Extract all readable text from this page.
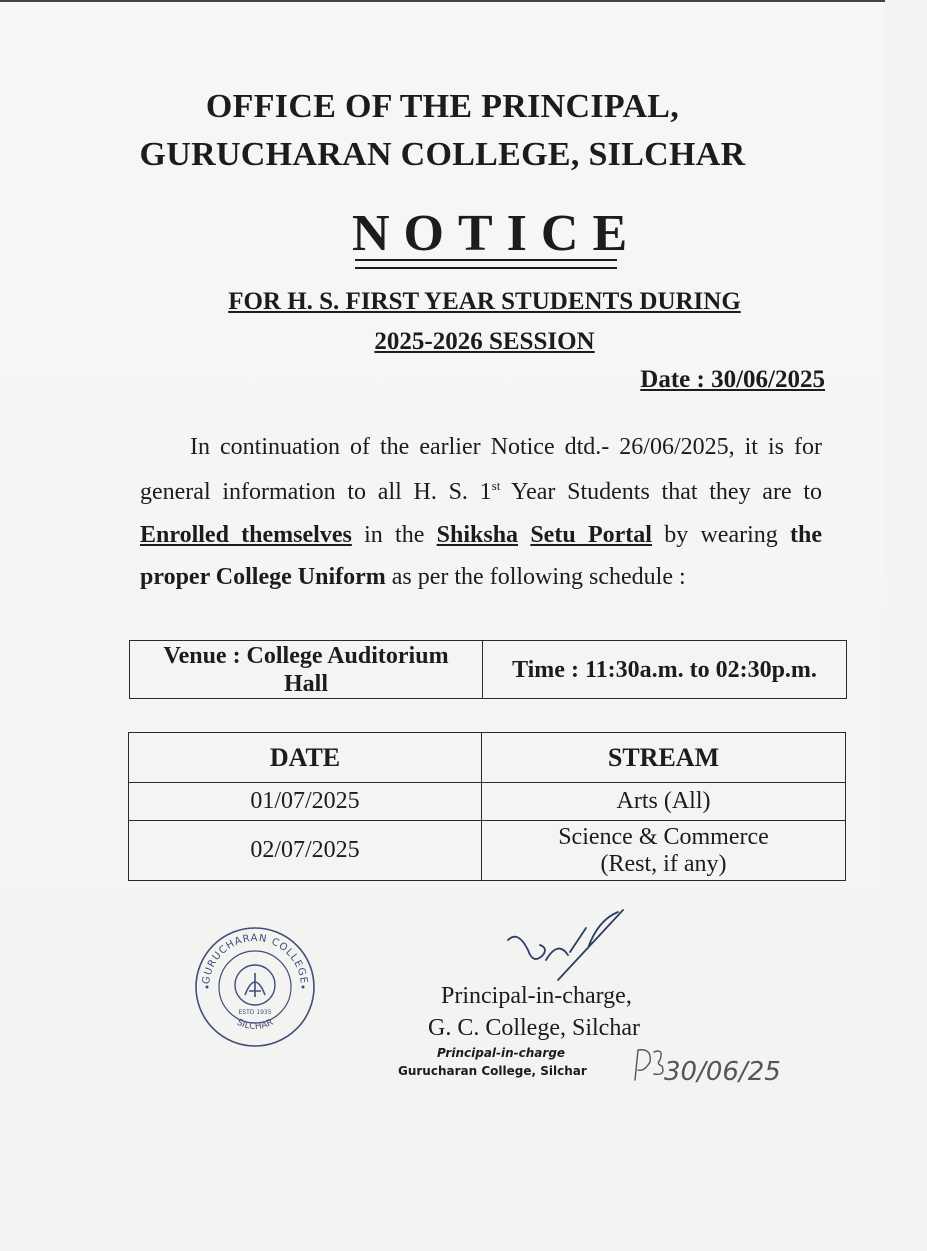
OFFICE OF THE PRINCIPAL,
GURUCHARAN COLLEGE, SILCHAR
NOTICE
FOR H. S. FIRST YEAR STUDENTS DURING
2025-2026 SESSION
Date : 30/06/2025
In continuation of the earlier Notice dtd.- 26/06/2025, it is for
general information to all H. S. 1st Year Students that they are to
Enrolled themselves in the Shiksha Setu Portal by wearing the
proper College Uniform as per the following schedule :
Venue : College Auditorium
Hall
	Time : 11:30a.m. to 02:30p.m.
DATE	STREAM
01/07/2025	Arts (All)
02/07/2025	Science & Commerce
(Rest, if any)
GURUCHARAN COLLEGE
ESTD 1935
SILCHAR
Principal-in-charge,
G. C. College, Silchar
Principal-in-charge
Gurucharan College, Silchar	30/06/25
